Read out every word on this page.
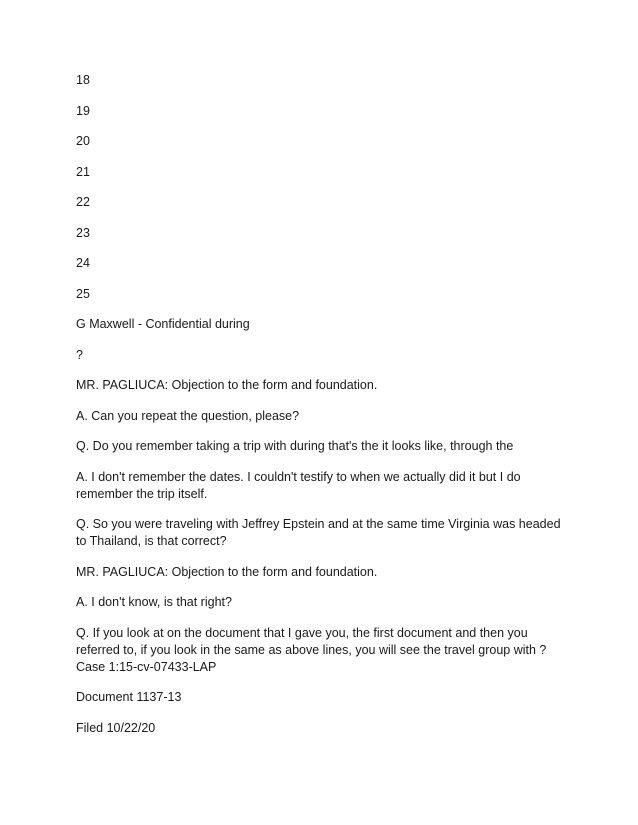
18
19
20
21
22
23
24
25
G Maxwell - Confidential during
?
MR. PAGLIUCA: Objection to the form and foundation.
A. Can you repeat the question, please?
Q. Do you remember taking a trip with during that's the it looks like, through the
A. I don't remember the dates. I couldn't testify to when we actually did it but I do remember the trip itself.
Q. So you were traveling with Jeffrey Epstein and at the same time Virginia was headed to Thailand, is that correct?
MR. PAGLIUCA: Objection to the form and foundation.
A. I don't know, is that right?
Q. If you look at on the document that I gave you, the first document and then you referred to, if you look in the same as above lines, you will see the travel group with ? Case 1:15-cv-07433-LAP
Document 1137-13
Filed 10/22/20
